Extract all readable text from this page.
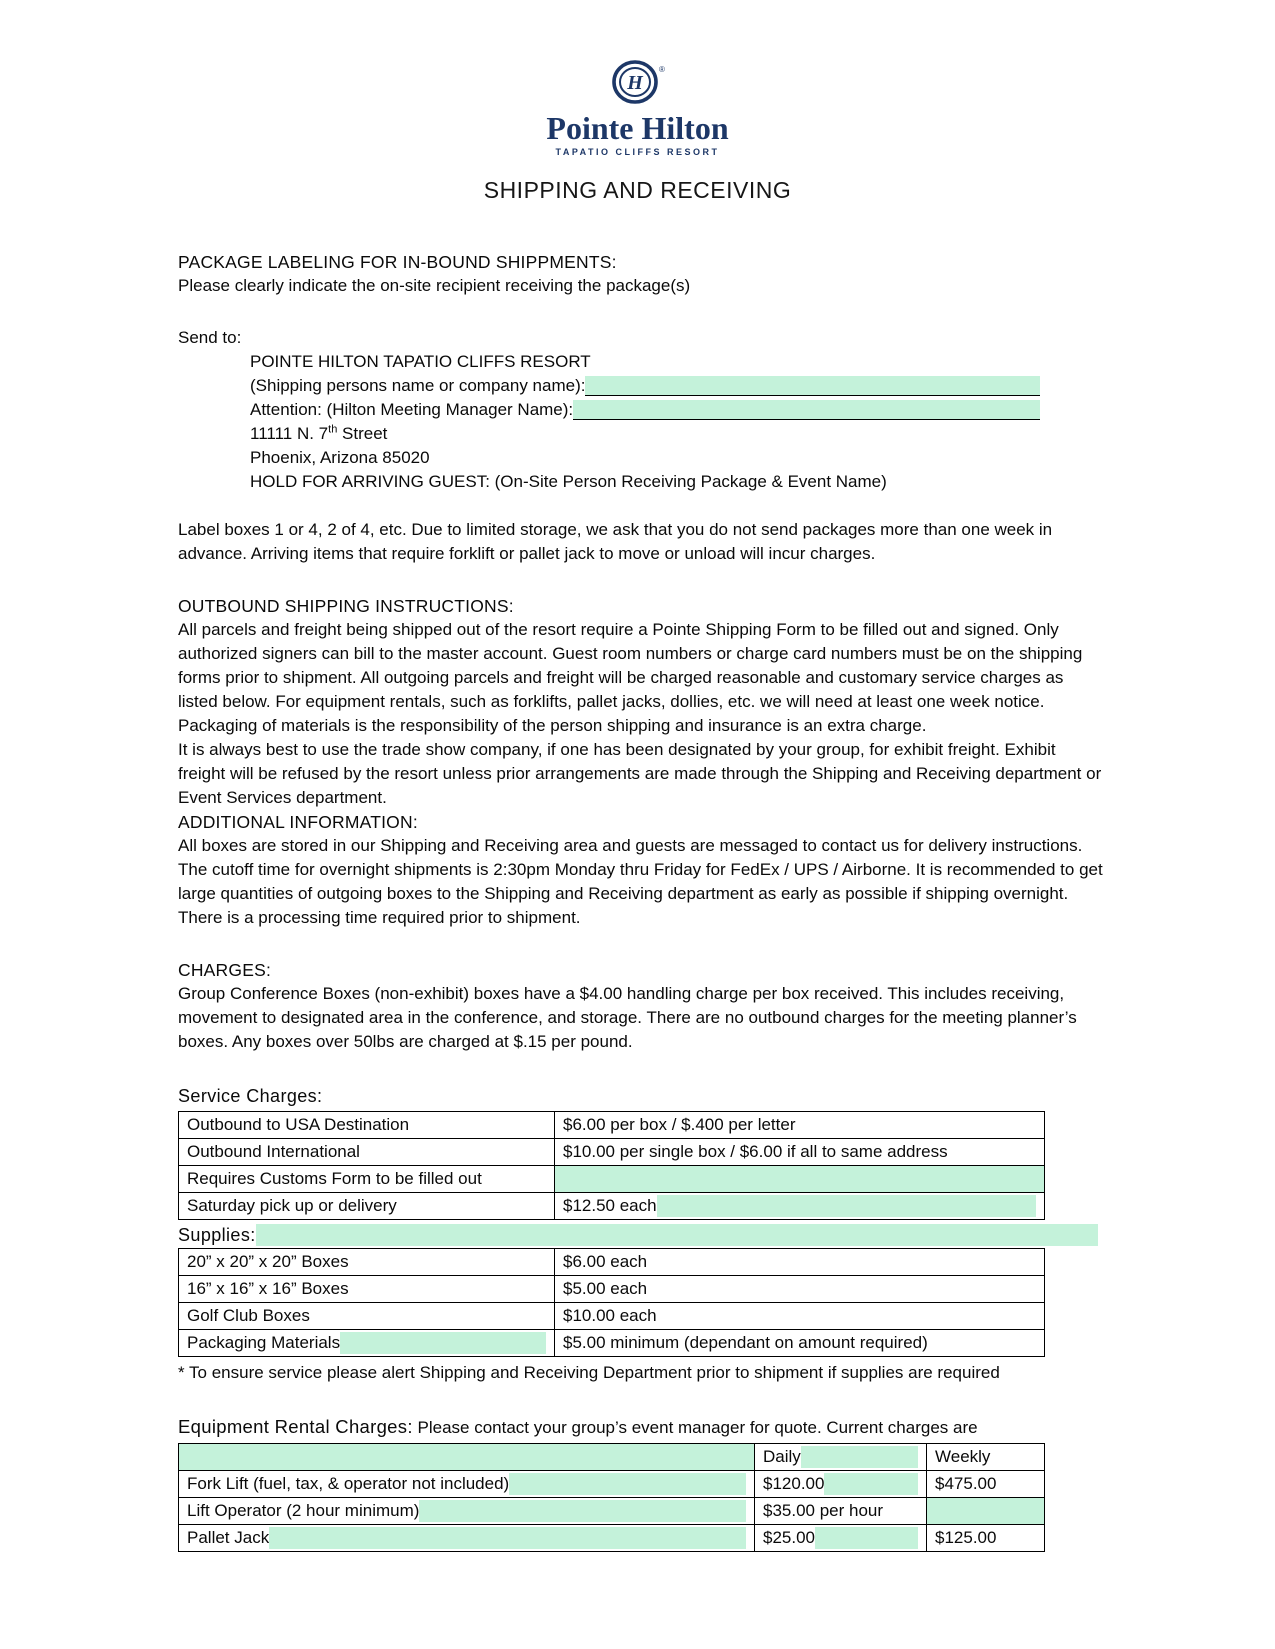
H
®
Pointe Hilton
TAPATIO CLIFFS RESORT
SHIPPING AND RECEIVING
PACKAGE LABELING FOR IN-BOUND SHIPPMENTS:
Please clearly indicate the on-site recipient receiving the package(s)
Send to:
POINTE HILTON TAPATIO CLIFFS RESORT
(Shipping persons name or company name):
Attention: (Hilton Meeting Manager Name):
11111 N. 7th Street
Phoenix, Arizona 85020
HOLD FOR ARRIVING GUEST: (On-Site Person Receiving Package & Event Name)

Label boxes 1 or 4, 2 of 4, etc. Due to limited storage, we ask that you do not send packages more than one week in advance. Arriving items that require forklift or pallet jack to move or unload will incur charges.

OUTBOUND SHIPPING INSTRUCTIONS:

All parcels and freight being shipped out of the resort require a Pointe Shipping Form to be filled out and signed. Only authorized signers can bill to the master account. Guest room numbers or charge card numbers must be on the shipping forms prior to shipment. All outgoing parcels and freight will be charged reasonable and customary service charges as listed below. For equipment rentals, such as forklifts, pallet jacks, dollies, etc. we will need at least one week notice. Packaging of materials is the responsibility of the person shipping and insurance is an extra charge.

It is always best to use the trade show company, if one has been designated by your group, for exhibit freight. Exhibit freight will be refused by the resort unless prior arrangements are made through the Shipping and Receiving department or Event Services department.

ADDITIONAL INFORMATION:

All boxes are stored in our Shipping and Receiving area and guests are messaged to contact us for delivery instructions. The cutoff time for overnight shipments is 2:30pm Monday thru Friday for FedEx / UPS / Airborne. It is recommended to get large quantities of outgoing boxes to the Shipping and Receiving department as early as possible if shipping overnight. There is a processing time required prior to shipment.

CHARGES:

Group Conference Boxes (non-exhibit) boxes have a $4.00 handling charge per box received. This includes receiving, movement to designated area in the conference, and storage. There are no outbound charges for the meeting planner’s boxes. Any boxes over 50lbs are charged at $.15 per pound.

Service Charges:
Outbound to USA Destination	$6.00 per box / $.400 per letter
Outbound International	$10.00 per single box / $6.00 if all to same address
Requires Customs Form to be filled out	
Saturday pick up or delivery	$12.50 each
Supplies:
20” x 20” x 20” Boxes	$6.00 each
16” x 16” x 16” Boxes	$5.00 each
Golf Club Boxes	$10.00 each

Packaging Materials	$5.00 minimum (dependant on amount required)

* To ensure service please alert Shipping and Receiving Department prior to shipment if supplies are required

Equipment Rental Charges: Please contact your group’s event manager for quote. Current charges are

	Daily	Weekly

Fork Lift (fuel, tax, & operator not included)	$120.00	$475.00

Lift Operator (2 hour minimum)	$35.00 per hour	

Pallet Jack	$25.00	$125.00
